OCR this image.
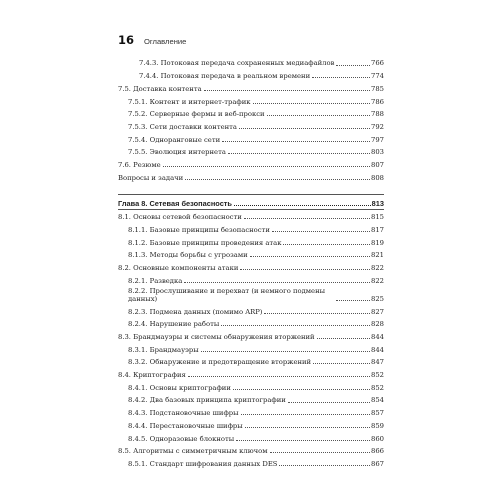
16 Оглавление
7.4.3. Потоковая передача сохраненных медиафайлов	766
7.4.4. Потоковая передача в реальном времени	774
7.5. Доставка контента	785
7.5.1. Контент и интернет-трафик	786
7.5.2. Серверные фермы и веб-прокси	788
7.5.3. Сети доставки контента	792
7.5.4. Одноранговые сети	797
7.5.5. Эволюция интернета	803
7.6. Резюме	807
Вопросы и задачи	808
Глава 8. Сетевая безопасность	813
8.1. Основы сетевой безопасности	815
8.1.1. Базовые принципы безопасности	817
8.1.2. Базовые принципы проведения атак	819
8.1.3. Методы борьбы с угрозами	821
8.2. Основные компоненты атаки	822
8.2.1. Разведка	822
8.2.2. Прослушивание и перехват (и немного подмены данных)	825
8.2.3. Подмена данных (помимо ARP)	827
8.2.4. Нарушение работы	828
8.3. Брандмауэры и системы обнаружения вторжений	844
8.3.1. Брандмауэры	844
8.3.2. Обнаружение и предотвращение вторжений	847
8.4. Криптография	852
8.4.1. Основы криптографии	852
8.4.2. Два базовых принципа криптографии	854
8.4.3. Подстановочные шифры	857
8.4.4. Перестановочные шифры	859
8.4.5. Одноразовые блокноты	860
8.5. Алгоритмы с симметричным ключом	866
8.5.1. Стандарт шифрования данных DES	867
